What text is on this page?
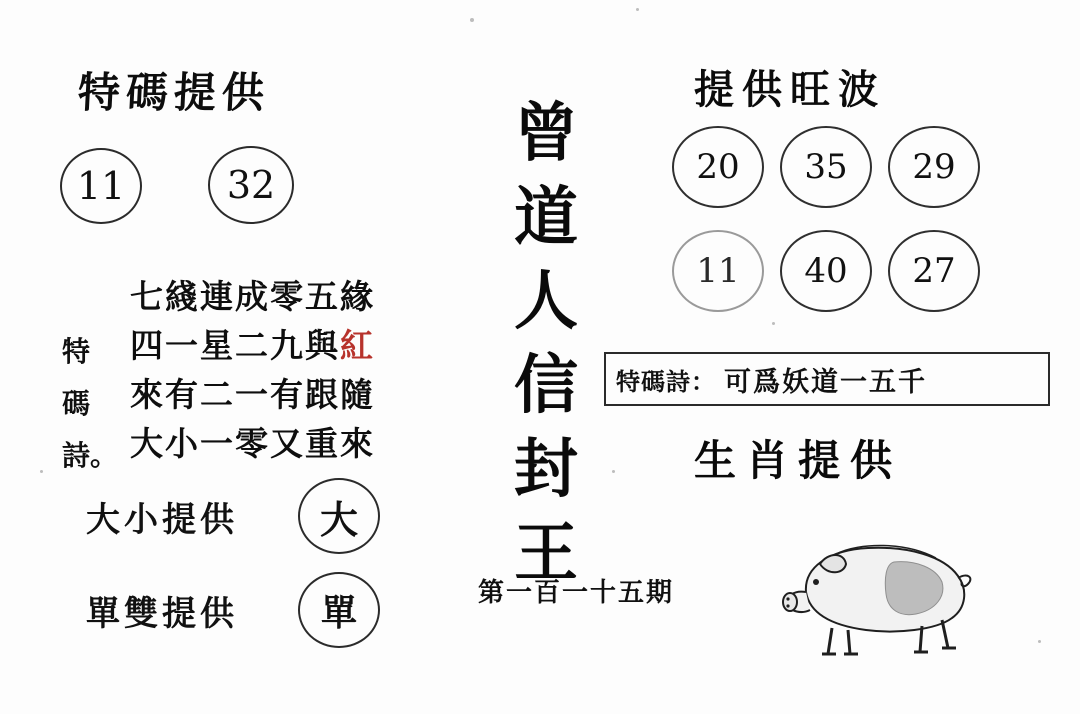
特碼提供
11	32
特
碼
詩。
七綫連成零五緣
四一星二九與紅
來有二一有跟隨
大小一零又重來
大小提供	大
單雙提供	單
曾
道
人
信
封
王
第一百一十五期
提供旺波
20	35	29
11	40	27
特碼詩： 可爲妖道一五千
生肖提供
